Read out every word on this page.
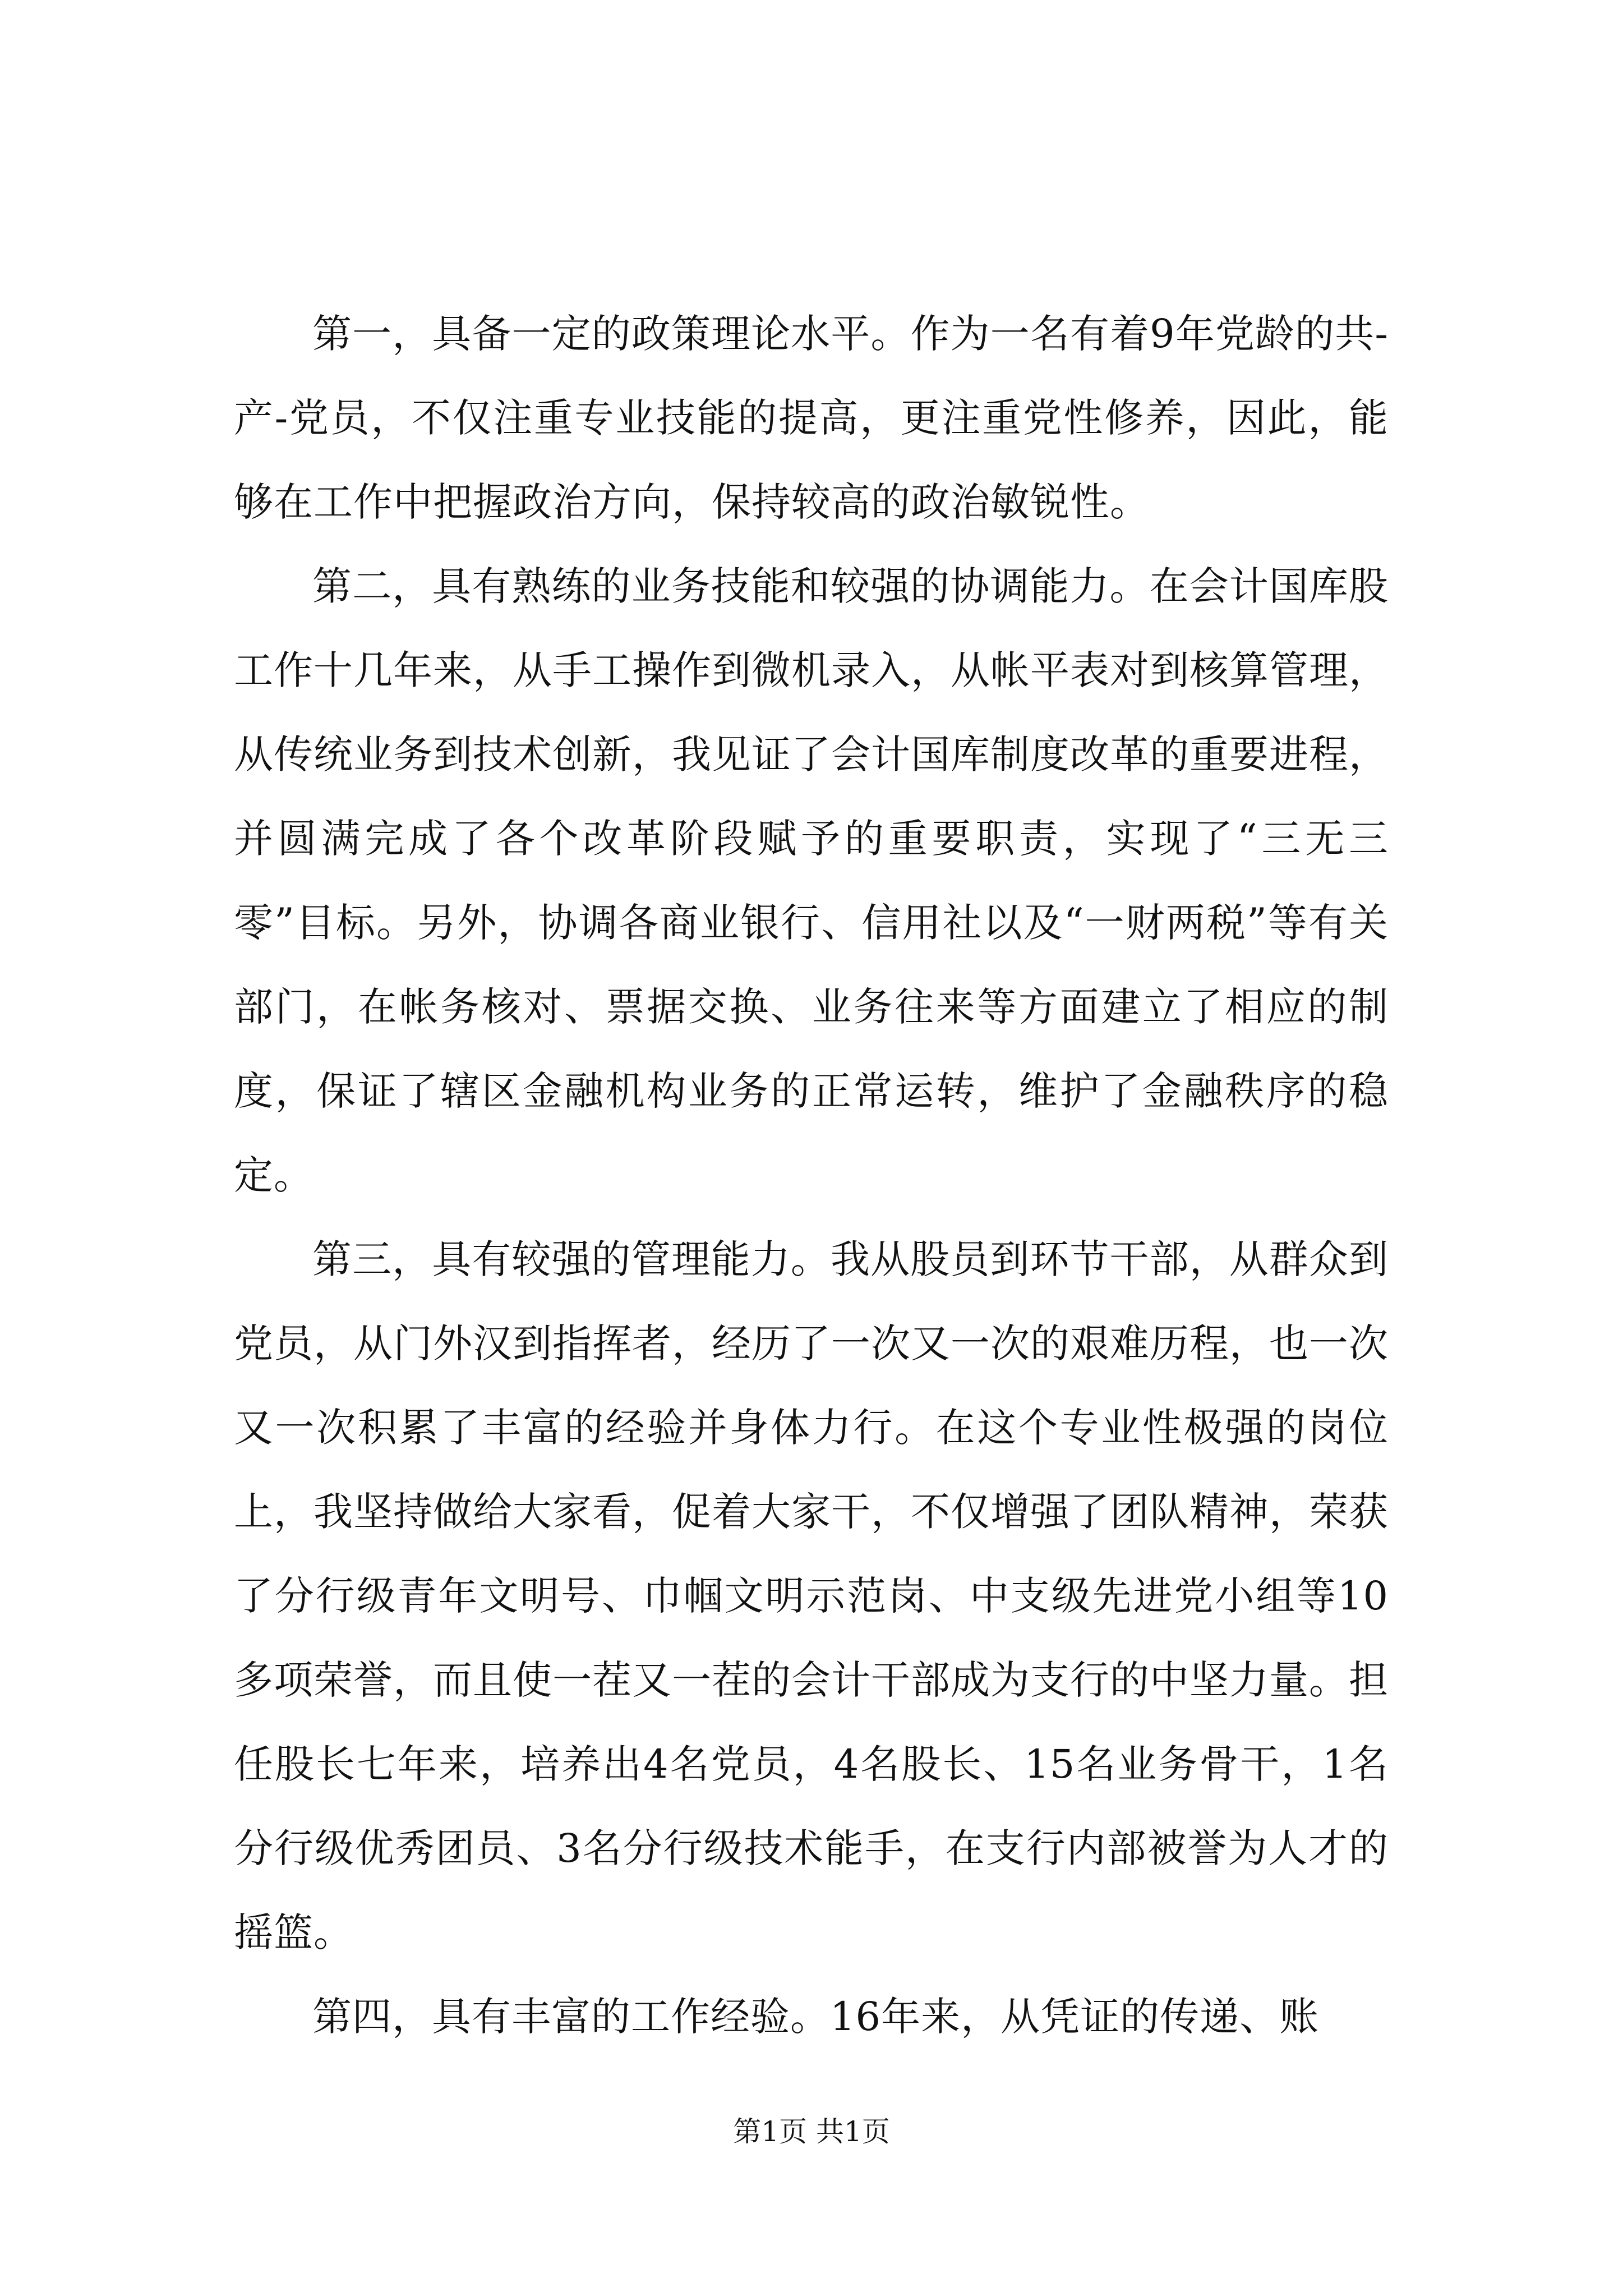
第一，具备一定的政策理论水平。作为一名有着9年党龄的共-产-党员，不仅注重专业技能的提高，更注重党性修养，因此，能够在工作中把握政治方向，保持较高的政治敏锐性。

第二，具有熟练的业务技能和较强的协调能力。在会计国库股工作十几年来，从手工操作到微机录入，从帐平表对到核算管理，从传统业务到技术创新，我见证了会计国库制度改革的重要进程，并圆满完成了各个改革阶段赋予的重要职责，实现了“三无三零”目标。另外，协调各商业银行、信用社以及“一财两税”等有关部门，在帐务核对、票据交换、业务往来等方面建立了相应的制度，保证了辖区金融机构业务的正常运转，维护了金融秩序的稳定。

第三，具有较强的管理能力。我从股员到环节干部，从群众到党员，从门外汉到指挥者，经历了一次又一次的艰难历程，也一次又一次积累了丰富的经验并身体力行。在这个专业性极强的岗位上，我坚持做给大家看，促着大家干，不仅增强了团队精神，荣获了分行级青年文明号、巾帼文明示范岗、中支级先进党小组等10多项荣誉，而且使一茬又一茬的会计干部成为支行的中坚力量。担任股长七年来，培养出4名党员，4名股长、15名业务骨干，1名分行级优秀团员、3名分行级技术能手，在支行内部被誉为人才的摇篮。

第四，具有丰富的工作经验。16年来，从凭证的传递、账

第1页 共1页
